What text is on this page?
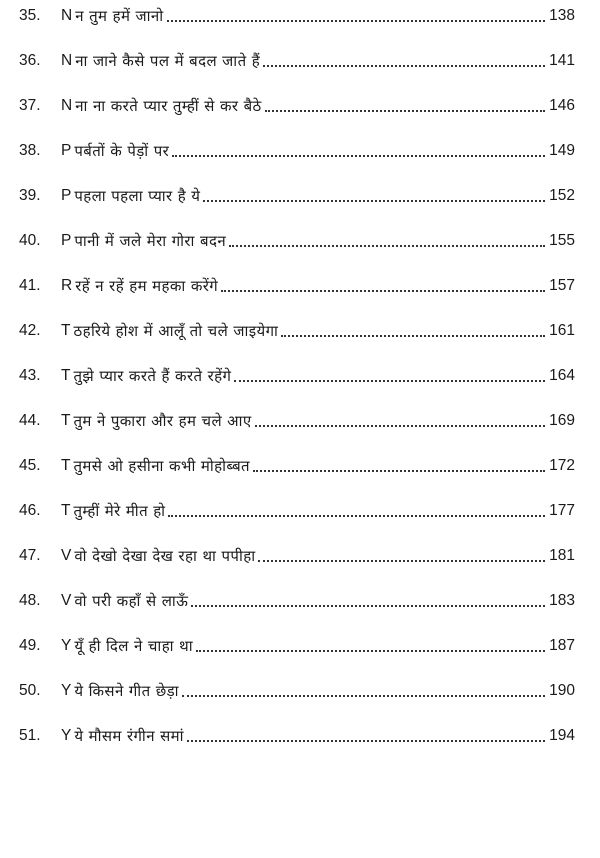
35.	N न तुम हमें जानो	138
36.	N ना जाने कैसे पल में बदल जाते हैं	141
37.	N ना ना करते प्यार तुम्हीं से कर बैठे	146
38.	P पर्बतों के पेड़ों पर	149
39.	P पहला पहला प्यार है ये	152
40.	P पानी में जले मेरा गोरा बदन	155
41.	R रहें न रहें हम महका करेंगे	157
42.	T ठहरिये होश में आलूँ तो चले जाइयेगा	161
43.	T तुझे प्यार करते हैं करते रहेंगे	164
44.	T तुम ने पुकारा और हम चले आए	169
45.	T तुमसे ओ हसीना कभी मोहोब्बत	172
46.	T तुम्हीं मेरे मीत हो	177
47.	V वो देखो देखा देख रहा था पपीहा	181
48.	V वो परी कहाँ से लाऊँ	183
49.	Y यूँ ही दिल ने चाहा था	187
50.	Y ये किसने गीत छेड़ा	190
51.	Y ये मौसम रंगीन समां	194
